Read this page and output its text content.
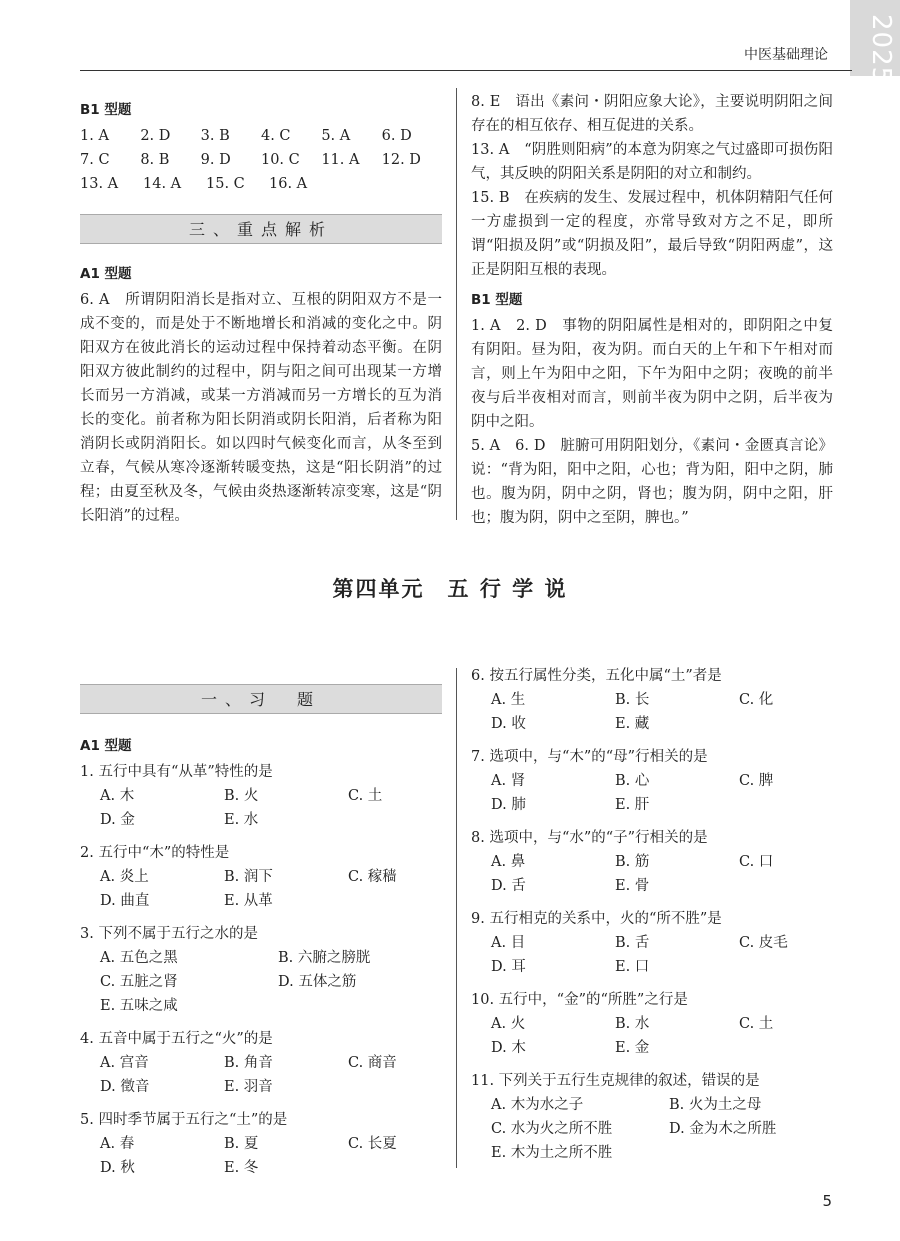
2025
中医基础理论
B1 型题
1. A	2. D	3. B	4. C	5. A	6. D
7. C	8. B	9. D	10. C	11. A	12. D
13. A	14. A	15. C	16. A
三、重点解析
A1 型题
6. A　所谓阴阳消长是指对立、互根的阴阳双方不是一成不变的，而是处于不断地增长和消减的变化之中。阴阳双方在彼此消长的运动过程中保持着动态平衡。在阴阳双方彼此制约的过程中，阴与阳之间可出现某一方增长而另一方消减，或某一方消减而另一方增长的互为消长的变化。前者称为阳长阴消或阴长阳消，后者称为阳消阴长或阴消阳长。如以四时气候变化而言，从冬至到立春，气候从寒冷逐渐转暖变热，这是“阳长阴消”的过程；由夏至秋及冬，气候由炎热逐渐转凉变寒，这是“阴长阳消”的过程。
8. E　语出《素问・阴阳应象大论》，主要说明阴阳之间存在的相互依存、相互促进的关系。
13. A　“阴胜则阳病”的本意为阴寒之气过盛即可损伤阳气，其反映的阴阳关系是阴阳的对立和制约。
15. B　在疾病的发生、发展过程中，机体阴精阳气任何一方虚损到一定的程度，亦常导致对方之不足，即所谓“阳损及阴”或“阴损及阳”，最后导致“阴阳两虚”，这正是阴阳互根的表现。
B1 型题
1. A　2. D　事物的阴阳属性是相对的，即阴阳之中复有阴阳。昼为阳，夜为阴。而白天的上午和下午相对而言，则上午为阳中之阳，下午为阳中之阴；夜晚的前半夜与后半夜相对而言，则前半夜为阴中之阴，后半夜为阴中之阳。
5. A　6. D　脏腑可用阴阳划分，《素问・金匮真言论》说：“背为阳，阳中之阳，心也；背为阳，阳中之阴，肺也。腹为阴，阴中之阴，肾也；腹为阴，阴中之阳，肝也；腹为阴，阴中之至阴，脾也。”
第四单元　五 行 学 说
一、习　题
A1 型题
1. 五行中具有“从革”特性的是
A. 木	B. 火	C. 土
D. 金	E. 水
2. 五行中“木”的特性是
A. 炎上	B. 润下	C. 稼穑
D. 曲直	E. 从革
3. 下列不属于五行之水的是
A. 五色之黑	B. 六腑之膀胱
C. 五脏之肾	D. 五体之筋
E. 五味之咸
4. 五音中属于五行之“火”的是
A. 宫音	B. 角音	C. 商音
D. 徵音	E. 羽音
5. 四时季节属于五行之“土”的是
A. 春	B. 夏	C. 长夏
D. 秋	E. 冬
6. 按五行属性分类，五化中属“土”者是
A. 生	B. 长	C. 化
D. 收	E. 藏
7. 选项中，与“木”的“母”行相关的是
A. 肾	B. 心	C. 脾
D. 肺	E. 肝
8. 选项中，与“水”的“子”行相关的是
A. 鼻	B. 筋	C. 口
D. 舌	E. 骨
9. 五行相克的关系中，火的“所不胜”是
A. 目	B. 舌	C. 皮毛
D. 耳	E. 口
10. 五行中，“金”的“所胜”之行是
A. 火	B. 水	C. 土
D. 木	E. 金
11. 下列关于五行生克规律的叙述，错误的是
A. 木为水之子	B. 火为土之母
C. 水为火之所不胜	D. 金为木之所胜
E. 木为土之所不胜
5
